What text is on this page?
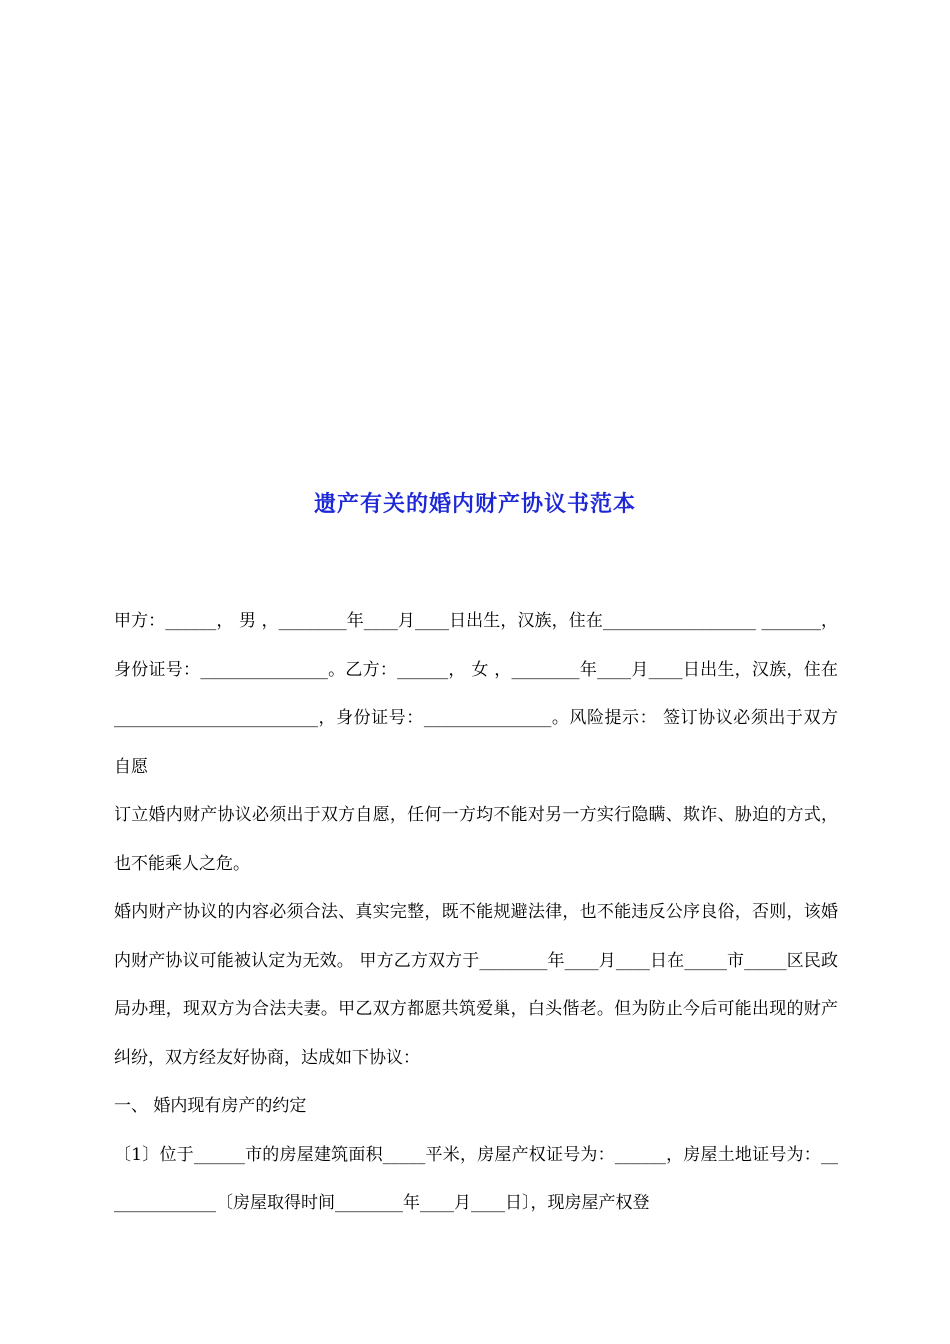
遗产有关的婚内财产协议书范本

甲方：______， 男 ，________年____月____日出生，汉族，住在__________________ _______，身份证号：_______________。乙方：______， 女 ，________年____月____日出生，汉族，住在________________________，身份证号：_______________。风险提示： 签订协议必须出于双方自愿

订立婚内财产协议必须出于双方自愿，任何一方均不能对另一方实行隐瞒、欺诈、胁迫的方式，也不能乘人之危。

婚内财产协议的内容必须合法、真实完整，既不能规避法律，也不能违反公序良俗，否则，该婚内财产协议可能被认定为无效。 甲方乙方双方于________年____月____日在_____市_____区民政局办理，现双方为合法夫妻。甲乙双方都愿共筑爱巢，白头偕老。但为防止今后可能出现的财产纠纷，双方经友好协商，达成如下协议：

一、 婚内现有房产的约定

〔1〕位于______市的房屋建筑面积_____平米，房屋产权证号为：______，房屋土地证号为：______________〔房屋取得时间________年____月____日〕，现房屋产权登
